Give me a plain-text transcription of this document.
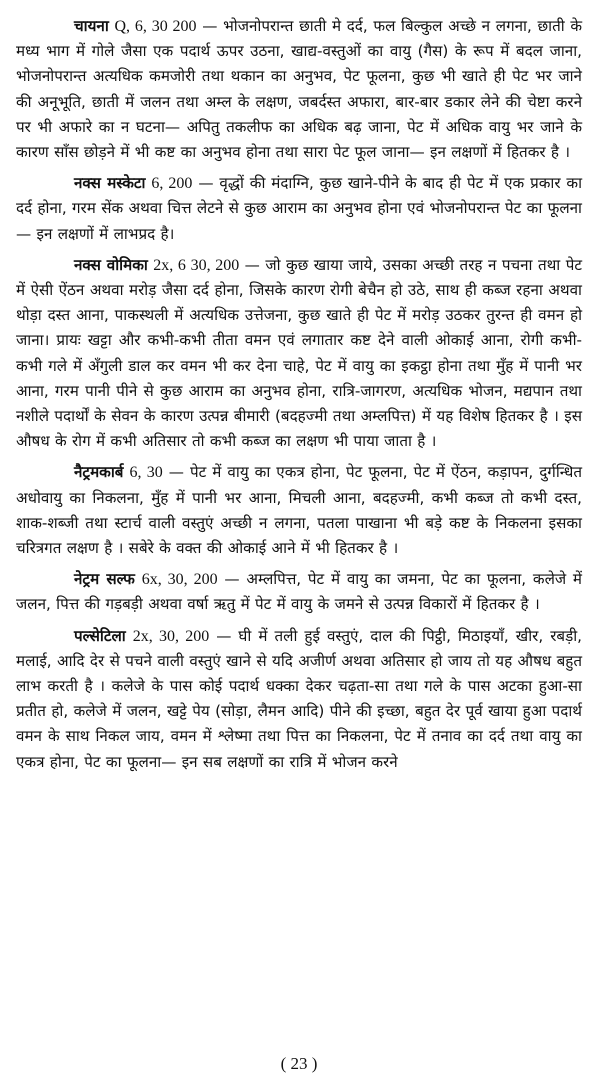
चायना Q, 6, 30 200 — भोजनोपरान्त छाती मे दर्द, फल बिल्कुल अच्छे न लगना, छाती के मध्य भाग में गोले जैसा एक पदार्थ ऊपर उठना, खाद्य-वस्तुओं का वायु (गैस) के रूप में बदल जाना, भोजनोपरान्त अत्यधिक कमजोरी तथा थकान का अनुभव, पेट फूलना, कुछ भी खाते ही पेट भर जाने की अनूभूति, छाती में जलन तथा अम्ल के लक्षण, जबर्दस्त अफारा, बार-बार डकार लेने की चेष्टा करने पर भी अफारे का न घटना— अपितु तकलीफ का अधिक बढ़ जाना, पेट में अधिक वायु भर जाने के कारण साँस छोड़ने में भी कष्ट का अनुभव होना तथा सारा पेट फूल जाना— इन लक्षणों में हितकर है ।

नक्स मस्केटा 6, 200 — वृद्धों की मंदाग्नि, कुछ खाने-पीने के बाद ही पेट में एक प्रकार का दर्द होना, गरम सेंक अथवा चित्त लेटने से कुछ आराम का अनुभव होना एवं भोजनोपरान्त पेट का फूलना— इन लक्षणों में लाभप्रद है।

नक्स वोमिका 2x, 6 30, 200 — जो कुछ खाया जाये, उसका अच्छी तरह न पचना तथा पेट में ऐसी ऐंठन अथवा मरोड़ जैसा दर्द होना, जिसके कारण रोगी बेचैन हो उठे, साथ ही कब्ज रहना अथवा थोड़ा दस्त आना, पाकस्थली में अत्यधिक उत्तेजना, कुछ खाते ही पेट में मरोड़ उठकर तुरन्त ही वमन हो जाना। प्रायः खट्टा और कभी-कभी तीता वमन एवं लगातार कष्ट देने वाली ओकाई आना, रोगी कभी-कभी गले में अँगुली डाल कर वमन भी कर देना चाहे, पेट में वायु का इकट्ठा होना तथा मुँह में पानी भर आना, गरम पानी पीने से कुछ आराम का अनुभव होना, रात्रि-जागरण, अत्यधिक भोजन, मद्यपान तथा नशीले पदार्थों के सेवन के कारण उत्पन्न बीमारी (बदहज्मी तथा अम्लपित्त) में यह विशेष हितकर है । इस औषध के रोग में कभी अतिसार तो कभी कब्ज का लक्षण भी पाया जाता है ।

नैट्रमकार्ब 6, 30 — पेट में वायु का एकत्र होना, पेट फूलना, पेट में ऐंठन, कड़ापन, दुर्गन्धित अधोवायु का निकलना, मुँह में पानी भर आना, मिचली आना, बदहज्मी, कभी कब्ज तो कभी दस्त, शाक-शब्जी तथा स्टार्च वाली वस्तुएं अच्छी न लगना, पतला पाखाना भी बड़े कष्ट के निकलना इसका चरित्रगत लक्षण है । सबेरे के वक्त की ओकाई आने में भी हितकर है ।

नेट्रम सल्फ 6x, 30, 200 — अम्लपित्त, पेट में वायु का जमना, पेट का फूलना, कलेजे में जलन, पित्त की गड़बड़ी अथवा वर्षा ऋतु में पेट में वायु के जमने से उत्पन्न विकारों में हितकर है ।

पल्सेटिला 2x, 30, 200 — घी में तली हुई वस्तुएं, दाल की पिट्ठी, मिठाइयाँ, खीर, रबड़ी, मलाई, आदि देर से पचने वाली वस्तुएं खाने से यदि अजीर्ण अथवा अतिसार हो जाय तो यह औषध बहुत लाभ करती है । कलेजे के पास कोई पदार्थ धक्का देकर चढ़ता-सा तथा गले के पास अटका हुआ-सा प्रतीत हो, कलेजे में जलन, खट्टे पेय (सोड़ा, लैमन आदि) पीने की इच्छा, बहुत देर पूर्व खाया हुआ पदार्थ वमन के साथ निकल जाय, वमन में श्लेष्मा तथा पित्त का निकलना, पेट में तनाव का दर्द तथा वायु का एकत्र होना, पेट का फूलना— इन सब लक्षणों का रात्रि में भोजन करने

( 23 )
